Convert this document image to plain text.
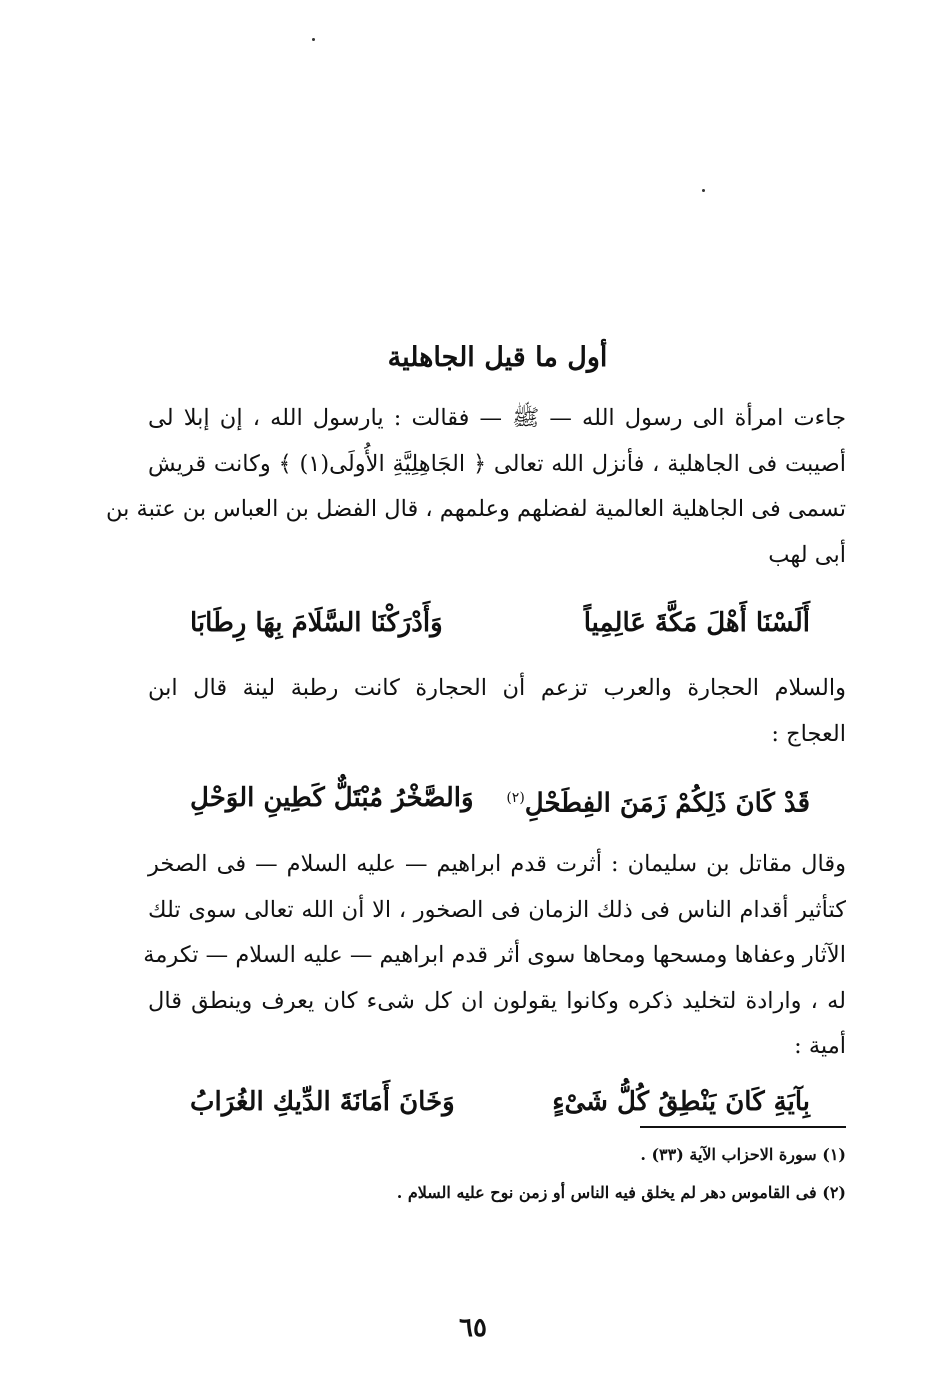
أول ما قيل الجاهلية
جاءت امرأة الى رسول الله — ﷺ — فقالت : يارسول الله ، إن إبلا لى
أصيبت فى الجاهلية ، فأنزل الله تعالى ﴿ الجَاهِلِيَّةِ الأُولَى(١) ﴾ وكانت قريش
تسمى فى الجاهلية العالمية لفضلهم وعلمهم ، قال الفضل بن العباس بن عتبة بن
أبى لهب
أَلَسْنَا أَهْلَ مَكَّةَ عَالِمِياً
وَأَدْرَكْنَا السَّلَامَ بِهَا رِطَابَا
والسلام الحجارة والعرب تزعم أن الحجارة كانت رطبة لينة قال ابن
العجاج :
قَدْ كَانَ ذَلِكُمْ زَمَنَ الفِطَحْلِ$^{(٢)}$
وَالصَّخْرُ مُبْتَلٌّ كَطِينِ الوَحْلِ
وقال مقاتل بن سليمان : أثرت قدم ابراهيم — عليه السلام — فى الصخر
كتأثير أقدام الناس فى ذلك الزمان فى الصخور ، الا أن الله تعالى سوى تلك
الآثار وعفاها ومسحها ومحاها سوى أثر قدم ابراهيم — عليه السلام — تكرمة
له ، وارادة لتخليد ذكره وكانوا يقولون ان كل شىء كان يعرف وينطق قال
أمية :
بِآيَةِ كَانَ يَنْطِقُ كُلُّ شَىْءٍ
وَخَانَ أَمَانَةَ الدِّيكِ الغُرَابُ
(١) سورة الاحزاب الآية (٣٣) .
(٢) فى القاموس دهر لم يخلق فيه الناس أو زمن نوح عليه السلام .
٦٥
